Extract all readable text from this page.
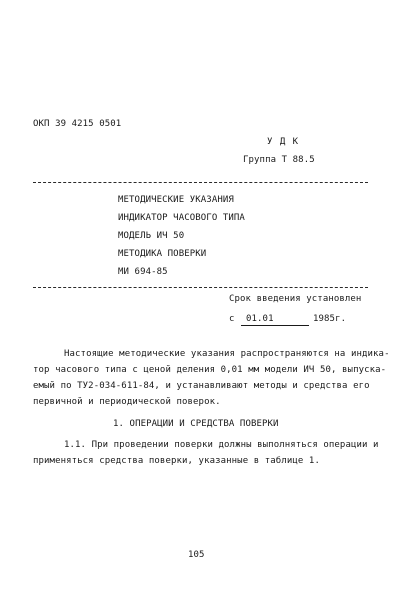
ОКП 39 4215 0501
У Д К
Группа Т 88.5
МЕТОДИЧЕСКИЕ УКАЗАНИЯ
ИНДИКАТОР ЧАСОВОГО ТИПА
МОДЕЛЬ ИЧ 50
МЕТОДИКА ПОВЕРКИ
МИ 694-85
Срок введения установлен
с 01.01	1985г.
Настоящие методические указания распространяются на индика-
тор часового типа с ценой деления 0,01 мм модели ИЧ 50, выпуска-
емый по ТУ2-034-611-84, и устанавливают методы и средства его
первичной и периодической поверок.
1. ОПЕРАЦИИ И СРЕДСТВА ПОВЕРКИ
1.1. При проведении поверки должны выполняться операции и
применяться средства поверки, указанные в таблице 1.
105
